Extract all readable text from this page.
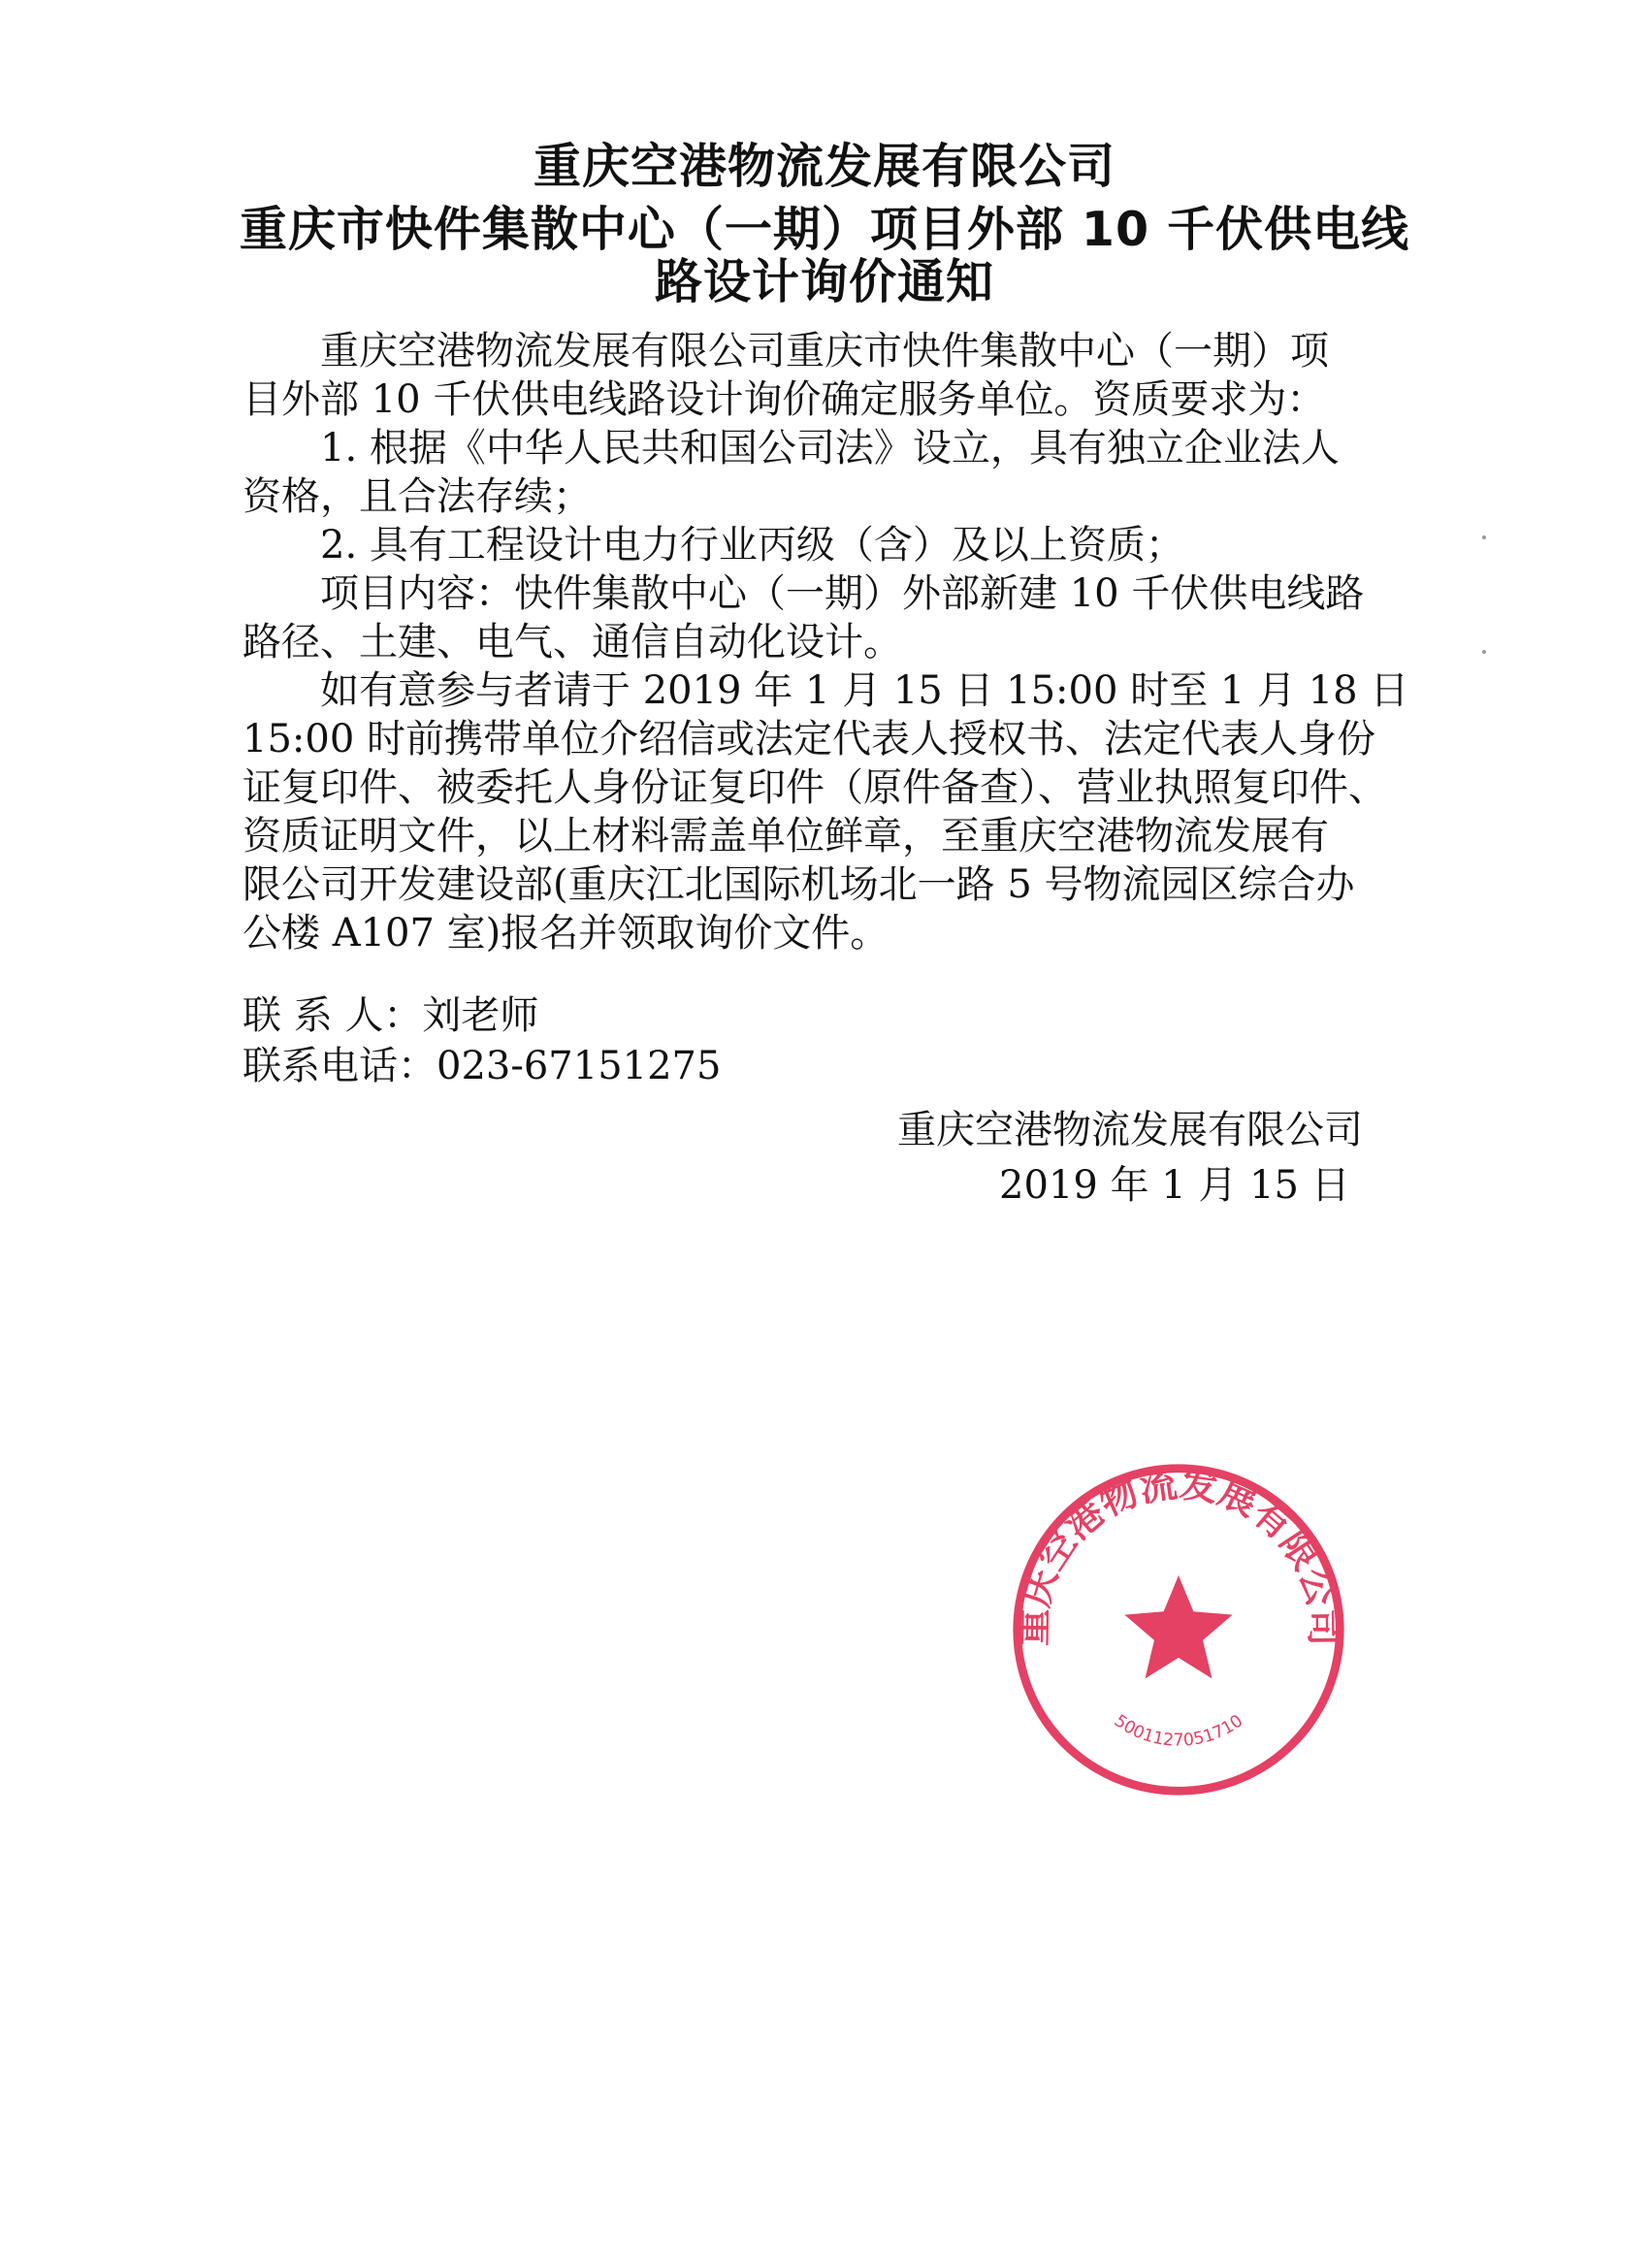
重庆空港物流发展有限公司
重庆市快件集散中心（一期）项目外部 10 千伏供电线
路设计询价通知
重庆空港物流发展有限公司重庆市快件集散中心（一期）项
目外部 10 千伏供电线路设计询价确定服务单位。资质要求为：
1. 根据《中华人民共和国公司法》设立，具有独立企业法人
资格，且合法存续；
2. 具有工程设计电力行业丙级（含）及以上资质；
项目内容：快件集散中心（一期）外部新建 10 千伏供电线路
路径、土建、电气、通信自动化设计。
如有意参与者请于 2019 年 1 月 15 日 15:00 时至 1 月 18 日
15:00 时前携带单位介绍信或法定代表人授权书、法定代表人身份
证复印件、被委托人身份证复印件（原件备查）、营业执照复印件、
资质证明文件，以上材料需盖单位鲜章，至重庆空港物流发展有
限公司开发建设部(重庆江北国际机场北一路 5 号物流园区综合办
公楼 A107 室)报名并领取询价文件。
联 系 人：刘老师
联系电话：023-67151275
重庆空港物流发展有限公司
2019 年 1 月 15 日
重庆空港物流发展有限公司
5001127051710
